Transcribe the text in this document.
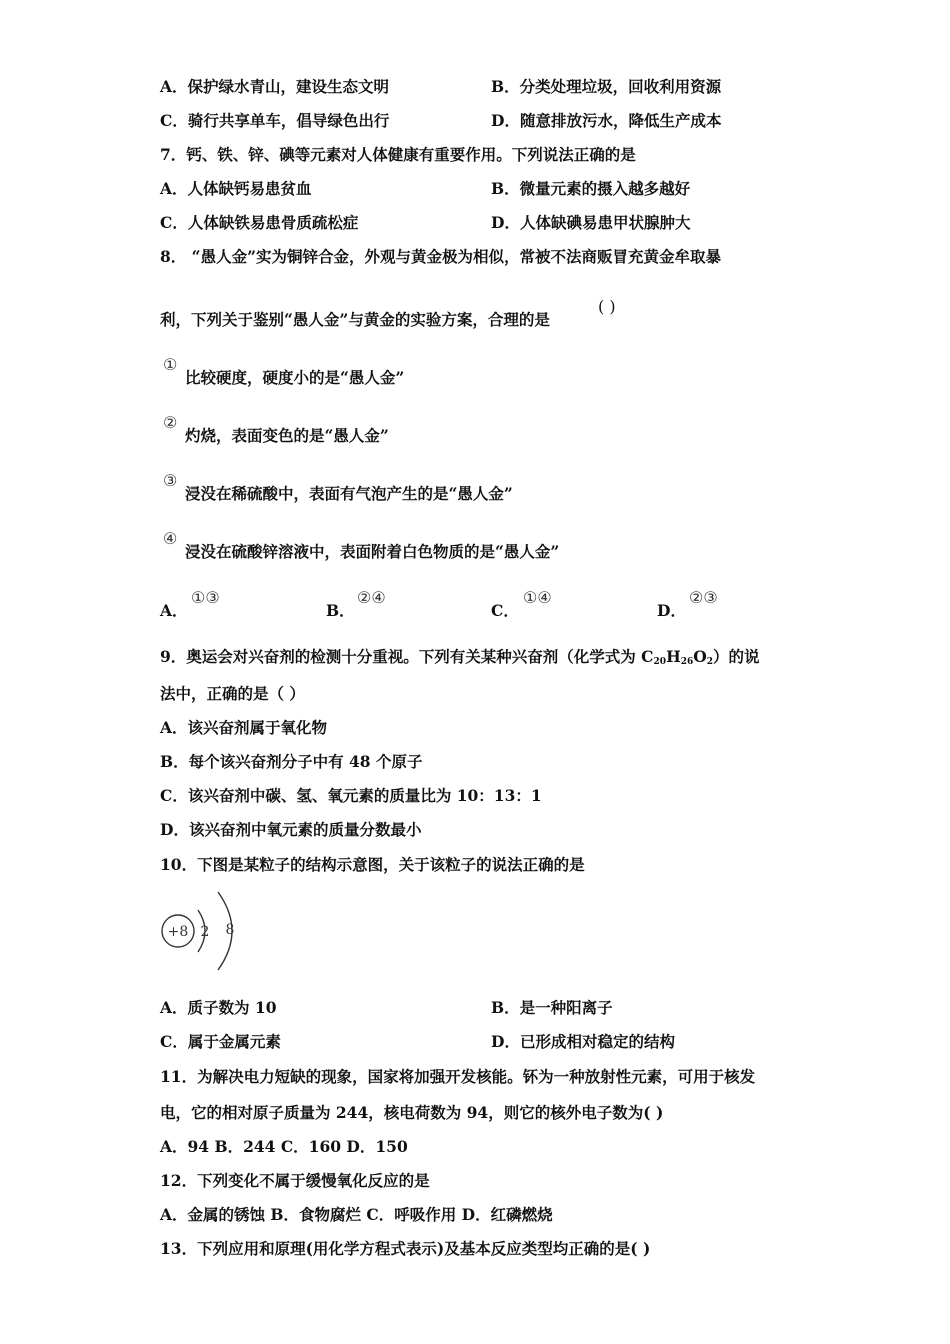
A．保护绿水青山，建设生态文明	B．分类处理垃圾，回收利用资源
C．骑行共享单车，倡导绿色出行	D．随意排放污水，降低生产成本
7．钙、铁、锌、碘等元素对人体健康有重要作用。下列说法正确的是
A．人体缺钙易患贫血	B．微量元素的摄入越多越好
C．人体缺铁易患骨质疏松症	D．人体缺碘易患甲状腺肿大
8． “愚人金”实为铜锌合金，外观与黄金极为相似，常被不法商贩冒充黄金牟取暴
利，下列关于鉴别“愚人金”与黄金的实验方案，合理的是
( )
①
比较硬度，硬度小的是“愚人金”
②
灼烧，表面变色的是“愚人金”
③
浸没在稀硫酸中，表面有气泡产生的是“愚人金”
④
浸没在硫酸锌溶液中，表面附着白色物质的是“愚人金”
A．
①③
B．
②④
C．
①④
D．
②③
9．奥运会对兴奋剂的检测十分重视。下列有关某种兴奋剂（化学式为 $C_{20}H_{26}O_2$）的说
法中，正确的是（ ）
A．该兴奋剂属于氧化物
B．每个该兴奋剂分子中有 48 个原子
C．该兴奋剂中碳、氢、氧元素的质量比为 10：13：1
D．该兴奋剂中氧元素的质量分数最小
10．下图是某粒子的结构示意图，关于该粒子的说法正确的是
+8 2 8
A．质子数为 10	B．是一种阳离子
C．属于金属元素	D．已形成相对稳定的结构
11．为解决电力短缺的现象，国家将加强开发核能。钚为一种放射性元素，可用于核发
电，它的相对原子质量为 244，核电荷数为 94，则它的核外电子数为( )
A．94 B．244 C．160 D．150
12．下列变化不属于缓慢氧化反应的是
A．金属的锈蚀 B．食物腐烂 C．呼吸作用 D．红磷燃烧
13．下列应用和原理(用化学方程式表示)及基本反应类型均正确的是( )
